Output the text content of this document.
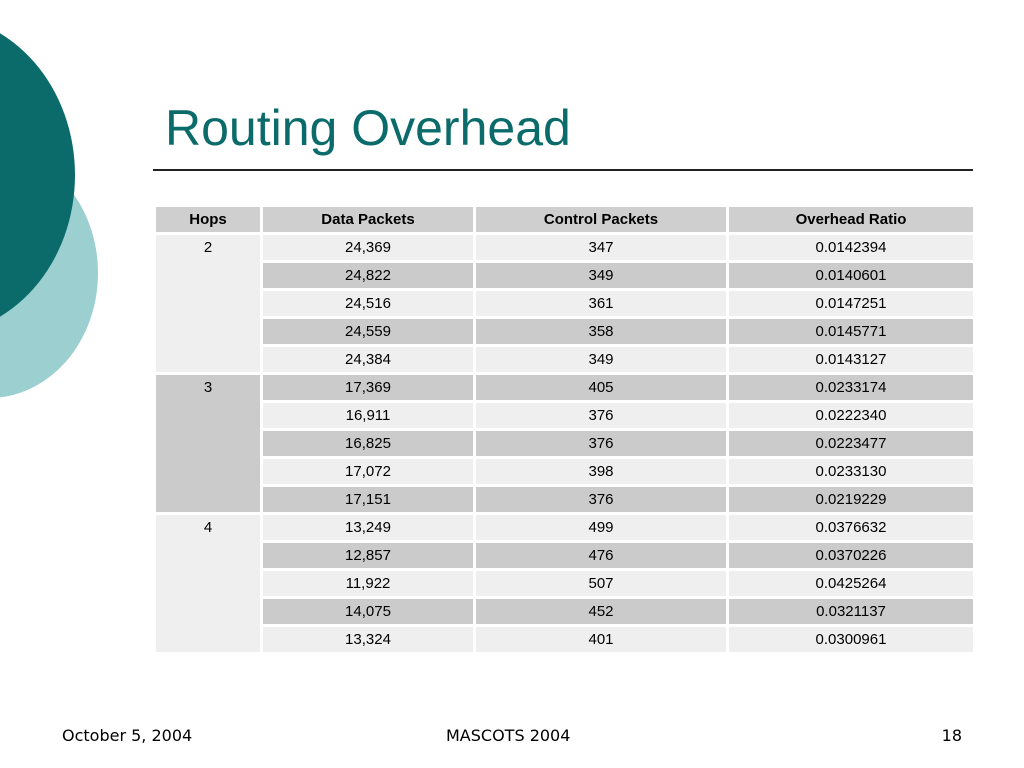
Routing Overhead
Hops	Data Packets	Control Packets	Overhead Ratio
2	24,369	347	0.0142394
	24,822	349	0.0140601
	24,516	361	0.0147251
	24,559	358	0.0145771
	24,384	349	0.0143127
3	17,369	405	0.0233174
	16,911	376	0.0222340
	16,825	376	0.0223477
	17,072	398	0.0233130
	17,151	376	0.0219229
4	13,249	499	0.0376632
	12,857	476	0.0370226
	11,922	507	0.0425264
	14,075	452	0.0321137
	13,324	401	0.0300961
October 5, 2004	MASCOTS 2004	18
